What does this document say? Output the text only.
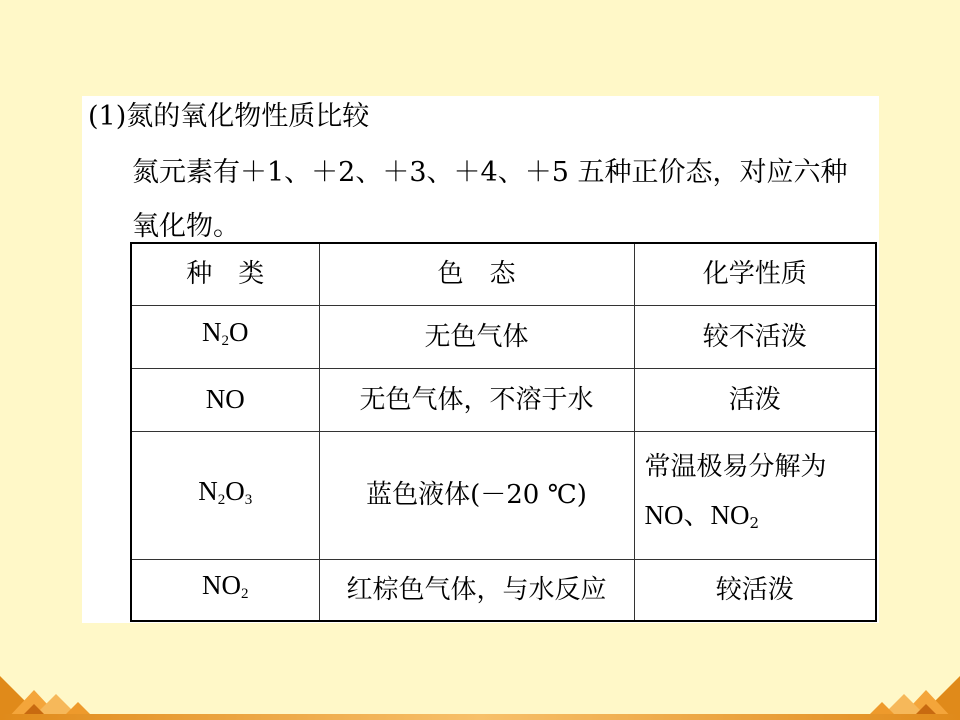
(1)氮的氧化物性质比较
氮元素有＋1、＋2、＋3、＋4、＋5 五种正价态，对应六种
氧化物。
种　类	色　态	化学性质
$N_2O$	无色气体	较不活泼
NO	无色气体，不溶于水	活泼
$N_2O_3$	蓝色液体(－20 ℃)	常温极易分解为
NO、$NO_2$

$NO_2$	红棕色气体，与水反应	较活泼
